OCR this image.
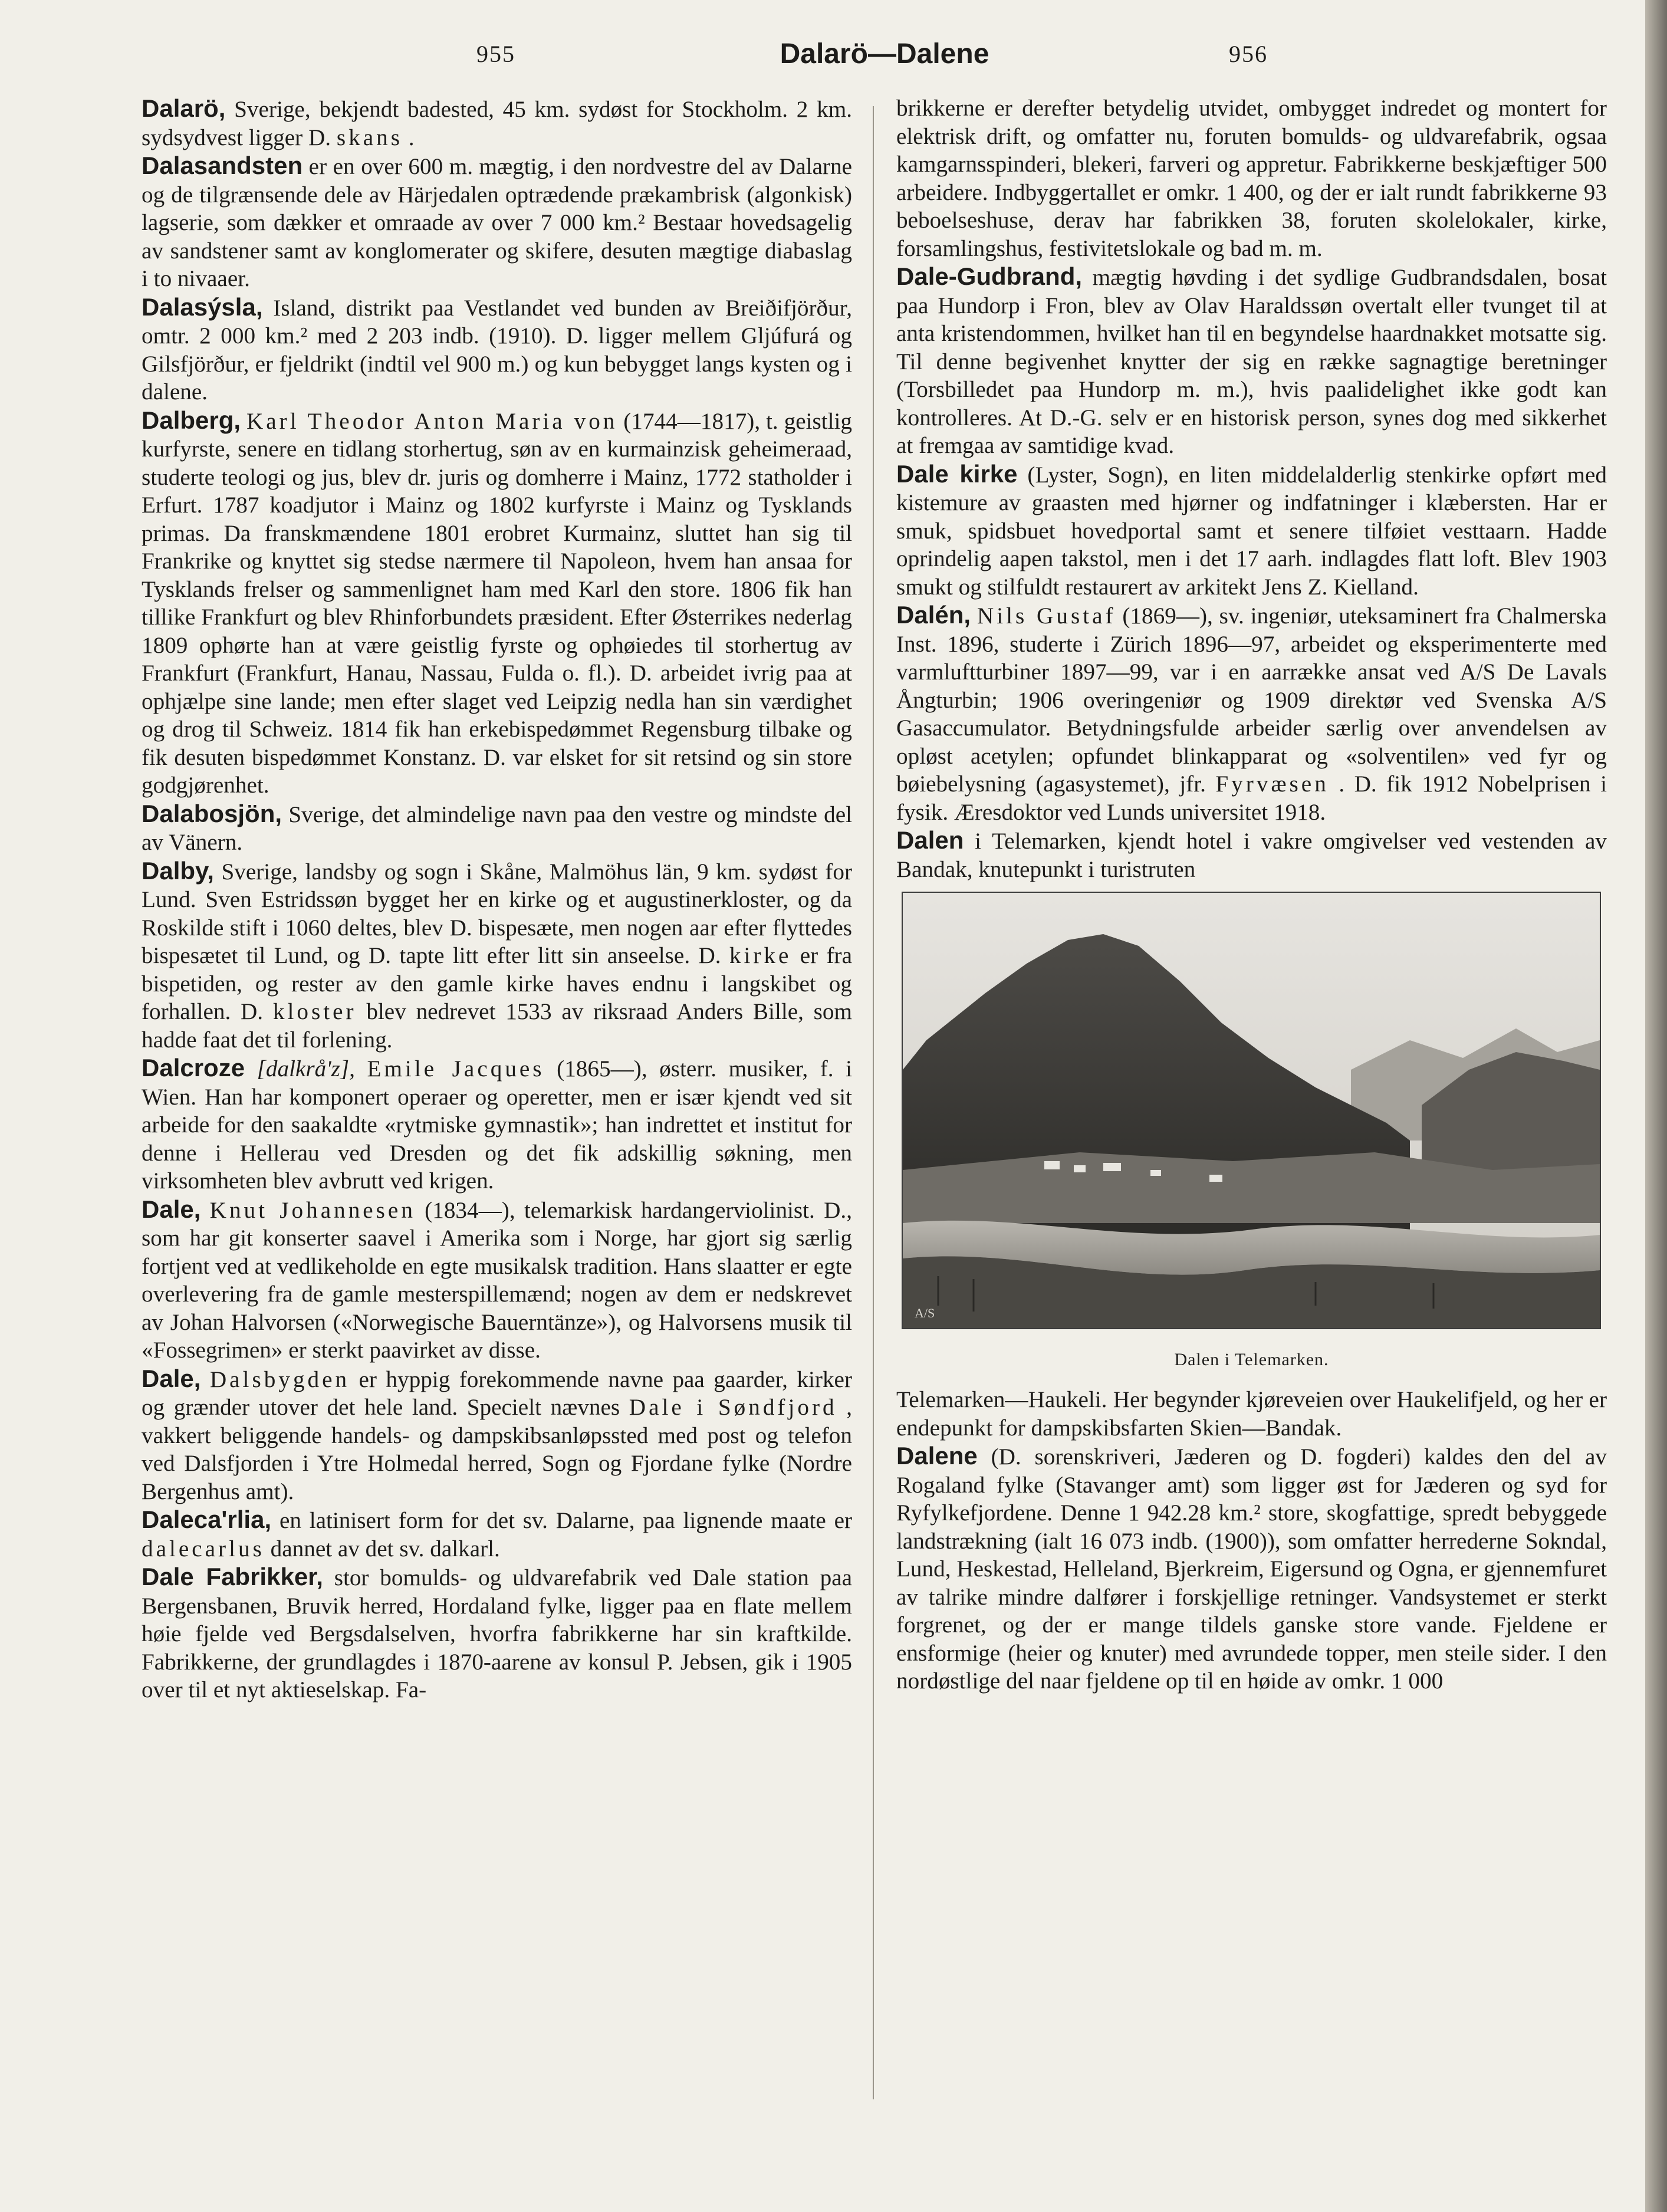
955	Dalarö—Dalene	956

Dalarö, Sverige, bekjendt badested, 45 km. sydøst for Stockholm. 2 km. sydsydvest ligger D. skans .

Dalasandsten er en over 600 m. mægtig, i den nordvestre del av Dalarne og de tilgrænsende dele av Härjedalen optrædende prækambrisk (algonkisk) lagserie, som dækker et omraade av over 7 000 km.² Bestaar hovedsagelig av sandstener samt av konglomerater og skifere, desuten mægtige diabaslag i to nivaaer.

Dalasýsla, Island, distrikt paa Vestlandet ved bunden av Breiðifjörður, omtr. 2 000 km.² med 2 203 indb. (1910). D. ligger mellem Gljúfurá og Gilsfjörður, er fjeldrikt (indtil vel 900 m.) og kun bebygget langs kysten og i dalene.

Dalberg, Karl Theodor Anton Maria von (1744—1817), t. geistlig kurfyrste, senere en tidlang storhertug, søn av en kurmainzisk geheimeraad, studerte teologi og jus, blev dr. juris og domherre i Mainz, 1772 statholder i Erfurt. 1787 koadjutor i Mainz og 1802 kurfyrste i Mainz og Tysklands primas. Da franskmændene 1801 erobret Kurmainz, sluttet han sig til Frankrike og knyttet sig stedse nærmere til Napoleon, hvem han ansaa for Tysklands frelser og sammenlignet ham med Karl den store. 1806 fik han tillike Frankfurt og blev Rhinforbundets præsident. Efter Østerrikes nederlag 1809 ophørte han at være geistlig fyrste og ophøiedes til storhertug av Frankfurt (Frankfurt, Hanau, Nassau, Fulda o. fl.). D. arbeidet ivrig paa at ophjælpe sine lande; men efter slaget ved Leipzig nedla han sin værdighet og drog til Schweiz. 1814 fik han erkebispedømmet Regensburg tilbake og fik desuten bispedømmet Konstanz. D. var elsket for sit retsind og sin store godgjørenhet.

Dalabosjön, Sverige, det almindelige navn paa den vestre og mindste del av Vänern.

Dalby, Sverige, landsby og sogn i Skåne, Malmöhus län, 9 km. sydøst for Lund. Sven Estridssøn bygget her en kirke og et augustinerkloster, og da Roskilde stift i 1060 deltes, blev D. bispesæte, men nogen aar efter flyttedes bispesætet til Lund, og D. tapte litt efter litt sin anseelse. D. kirke er fra bispetiden, og rester av den gamle kirke haves endnu i langskibet og forhallen. D. kloster blev nedrevet 1533 av riksraad Anders Bille, som hadde faat det til forlening.

Dalcroze [dalkrå'z], Emile Jacques (1865—), østerr. musiker, f. i Wien. Han har komponert operaer og operetter, men er især kjendt ved sit arbeide for den saakaldte «rytmiske gymnastik»; han indrettet et institut for denne i Hellerau ved Dresden og det fik adskillig søkning, men virksomheten blev avbrutt ved krigen.

Dale, Knut Johannesen (1834—), telemarkisk hardangerviolinist. D., som har git konserter saavel i Amerika som i Norge, har gjort sig særlig fortjent ved at vedlikeholde en egte musikalsk tradition. Hans slaatter er egte overlevering fra de gamle mesterspillemænd; nogen av dem er nedskrevet av Johan Halvorsen («Norwegische Bauerntänze»), og Halvorsens musik til «Fossegrimen» er sterkt paavirket av disse.

Dale, Dalsbygden er hyppig forekommende navne paa gaarder, kirker og grænder utover det hele land. Specielt nævnes Dale i Søndfjord , vakkert beliggende handels- og dampskibsanløpssted med post og telefon ved Dalsfjorden i Ytre Holmedal herred, Sogn og Fjordane fylke (Nordre Bergenhus amt).

Daleca'rlia, en latinisert form for det sv. Dalarne, paa lignende maate er dalecarlus dannet av det sv. dalkarl.

Dale Fabrikker, stor bomulds- og uldvarefabrik ved Dale station paa Bergensbanen, Bruvik herred, Hordaland fylke, ligger paa en flate mellem høie fjelde ved Bergsdalselven, hvorfra fabrikkerne har sin kraftkilde. Fabrikkerne, der grundlagdes i 1870-aarene av konsul P. Jebsen, gik i 1905 over til et nyt aktieselskap. Fa-

brikkerne er derefter betydelig utvidet, ombygget indredet og montert for elektrisk drift, og omfatter nu, foruten bomulds- og uldvarefabrik, ogsaa kamgarnsspinderi, blekeri, farveri og appretur. Fabrikkerne beskjæftiger 500 arbeidere. Indbyggertallet er omkr. 1 400, og der er ialt rundt fabrikkerne 93 beboelseshuse, derav har fabrikken 38, foruten skolelokaler, kirke, forsamlingshus, festivitetslokale og bad m. m.

Dale-Gudbrand, mægtig høvding i det sydlige Gudbrandsdalen, bosat paa Hundorp i Fron, blev av Olav Haraldssøn overtalt eller tvunget til at anta kristendommen, hvilket han til en begyndelse haardnakket motsatte sig. Til denne begivenhet knytter der sig en række sagnagtige beretninger (Torsbilledet paa Hundorp m. m.), hvis paalidelighet ikke godt kan kontrolleres. At D.-G. selv er en historisk person, synes dog med sikkerhet at fremgaa av samtidige kvad.

Dale kirke (Lyster, Sogn), en liten middelalderlig stenkirke opført med kistemure av graasten med hjørner og indfatninger i klæbersten. Har er smuk, spidsbuet hovedportal samt et senere tilføiet vesttaarn. Hadde oprindelig aapen takstol, men i det 17 aarh. indlagdes flatt loft. Blev 1903 smukt og stilfuldt restaurert av arkitekt Jens Z. Kielland.

Dalén, Nils Gustaf (1869—), sv. ingeniør, uteksaminert fra Chalmerska Inst. 1896, studerte i Zürich 1896—97, arbeidet og eksperimenterte med varmluftturbiner 1897—99, var i en aarrække ansat ved A/S De Lavals Ångturbin; 1906 overingeniør og 1909 direktør ved Svenska A/S Gasaccumulator. Betydningsfulde arbeider særlig over anvendelsen av opløst acetylen; opfundet blinkapparat og «solventilen» ved fyr og bøiebelysning (agasystemet), jfr. Fyrvæsen . D. fik 1912 Nobelprisen i fysik. Æresdoktor ved Lunds universitet 1918.

Dalen i Telemarken, kjendt hotel i vakre omgivelser ved vestenden av Bandak, knutepunkt i turistruten

A/S
Dalen i Telemarken.

Telemarken—Haukeli. Her begynder kjøreveien over Haukelifjeld, og her er endepunkt for dampskibsfarten Skien—Bandak.

Dalene (D. sorenskriveri, Jæderen og D. fogderi) kaldes den del av Rogaland fylke (Stavanger amt) som ligger øst for Jæderen og syd for Ryfylkefjordene. Denne 1 942.28 km.² store, skogfattige, spredt bebyggede landstrækning (ialt 16 073 indb. (1900)), som omfatter herrederne Sokndal, Lund, Heskestad, Helleland, Bjerkreim, Eigersund og Ogna, er gjennemfuret av talrike mindre dalfører i forskjellige retninger. Vandsystemet er sterkt forgrenet, og der er mange tildels ganske store vande. Fjeldene er ensformige (heier og knuter) med avrundede topper, men steile sider. I den nordøstlige del naar fjeldene op til en høide av omkr. 1 000
